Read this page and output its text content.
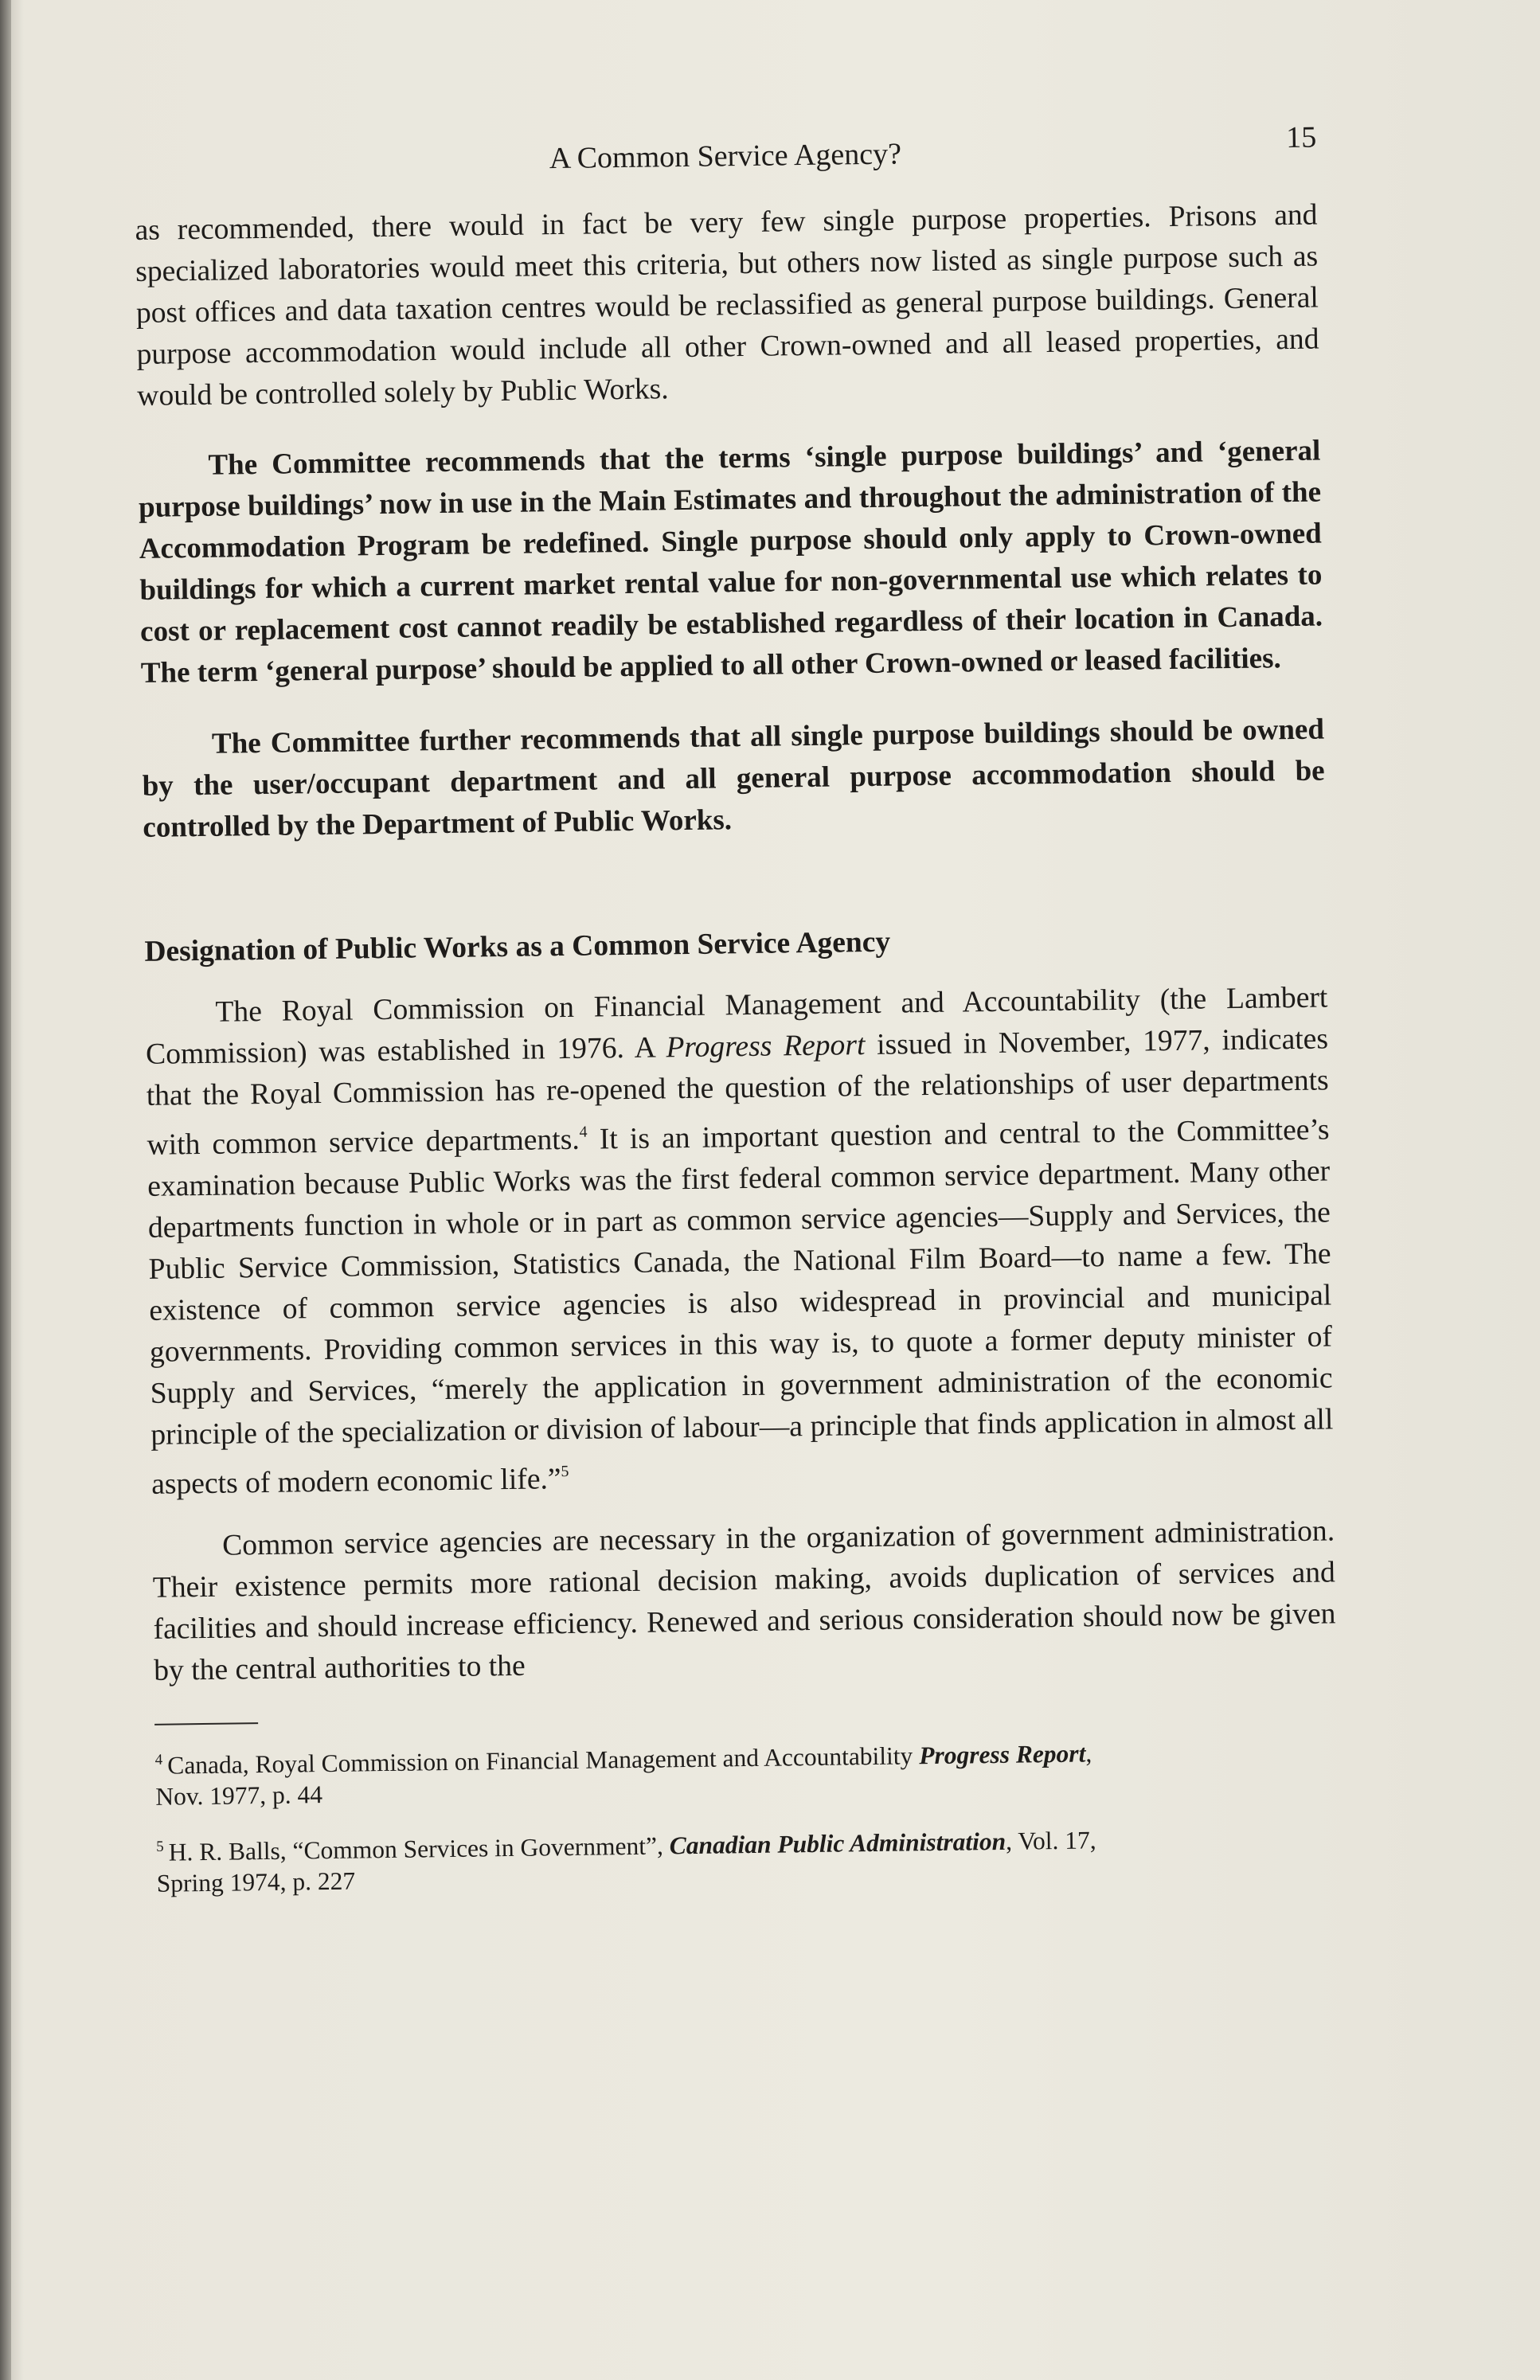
A Common Service Agency?	15

as recommended, there would in fact be very few single purpose properties. Prisons and specialized laboratories would meet this criteria, but others now listed as single purpose such as post offices and data taxation centres would be reclassified as general purpose buildings. General purpose accommodation would include all other Crown-owned and all leased properties, and would be controlled solely by Public Works.

The Committee recommends that the terms ‘single purpose buildings’ and ‘general purpose buildings’ now in use in the Main Estimates and throughout the administration of the Accommodation Program be redefined. Single purpose should only apply to Crown-owned buildings for which a current market rental value for non-governmental use which relates to cost or replacement cost cannot readily be established regardless of their location in Canada. The term ‘general purpose’ should be applied to all other Crown-owned or leased facilities.

The Committee further recommends that all single purpose buildings should be owned by the user/occupant department and all general purpose accommodation should be controlled by the Department of Public Works.

Designation of Public Works as a Common Service Agency

The Royal Commission on Financial Management and Accountability (the Lambert Commission) was established in 1976. A Progress Report issued in November, 1977, indicates that the Royal Commission has re-opened the question of the relationships of user departments with common service departments.$^4$ It is an important question and central to the Committee’s examination because Public Works was the first federal common service department. Many other departments function in whole or in part as common service agencies—Supply and Services, the Public Service Commission, Statistics Canada, the National Film Board—to name a few. The existence of common service agencies is also widespread in provincial and municipal governments. Providing common services in this way is, to quote a former deputy minister of Supply and Services, “merely the application in government administration of the economic principle of the specialization or division of labour—a principle that finds application in almost all aspects of modern economic life.”$^5$

Common service agencies are necessary in the organization of government administration. Their existence permits more rational decision making, avoids duplication of services and facilities and should increase efficiency. Renewed and serious consideration should now be given by the central authorities to the

$^4$ Canada, Royal Commission on Financial Management and Accountability Progress Report,
Nov. 1977, p. 44
$^5$ H. R. Balls, “Common Services in Government”, Canadian Public Administration, Vol. 17,
Spring 1974, p. 227
